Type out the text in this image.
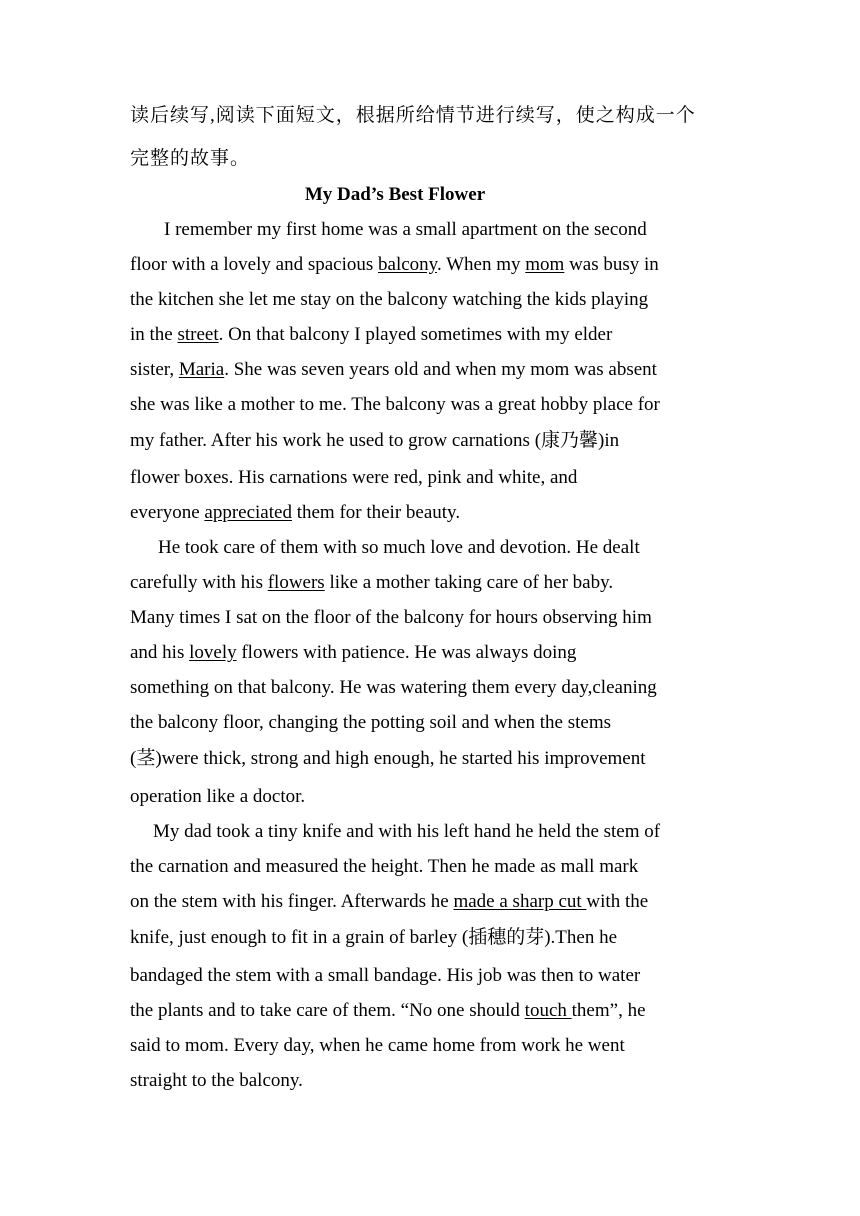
读后续写,阅读下面短文，根据所给情节进行续写，使之构成一个
完整的故事。
My Dad’s Best Flower
I remember my first home was a small apartment on the second
floor with a lovely and spacious balcony. When my mom was busy in
the kitchen she let me stay on the balcony watching the kids playing
in the street. On that balcony I played sometimes with my elder
sister, Maria. She was seven years old and when my mom was absent
she was like a mother to me. The balcony was a great hobby place for
my father. After his work he used to grow carnations (康乃馨)in
flower boxes. His carnations were red, pink and white, and
everyone appreciated them for their beauty.
He took care of them with so much love and devotion. He dealt
carefully with his flowers like a mother taking care of her baby.
Many times I sat on the floor of the balcony for hours observing him
and his lovely flowers with patience. He was always doing
something on that balcony. He was watering them every day,cleaning
the balcony floor, changing the potting soil and when the stems
(茎)were thick, strong and high enough, he started his improvement
operation like a doctor.
My dad took a tiny knife and with his left hand he held the stem of
the carnation and measured the height. Then he made as mall mark
on the stem with his finger. Afterwards he made a sharp cut with the
knife, just enough to fit in a grain of barley (插穗的芽).Then he
bandaged the stem with a small bandage. His job was then to water
the plants and to take care of them. “No one should touch them”, he
said to mom. Every day, when he came home from work he went
straight to the balcony.
